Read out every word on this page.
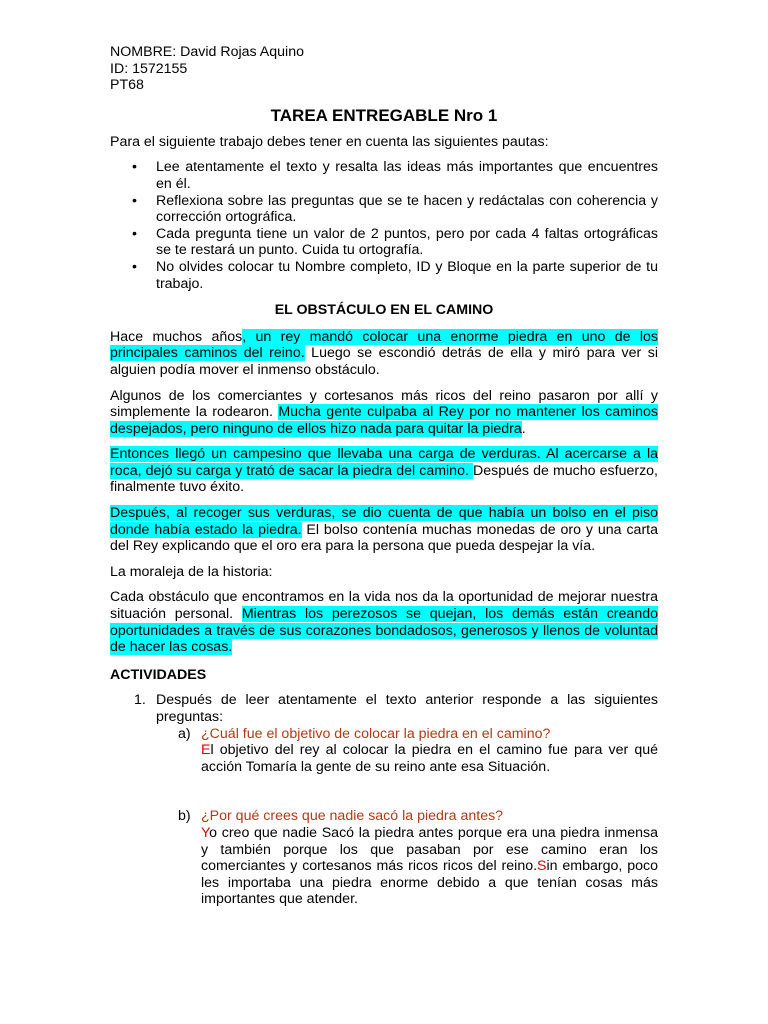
NOMBRE: David Rojas Aquino

ID: 1572155

PT68

TAREA ENTREGABLE Nro 1

Para el siguiente trabajo debes tener en cuenta las siguientes pautas:

• Lee atentamente el texto y resalta las ideas más importantes que encuentres en él.
• Reflexiona sobre las preguntas que se te hacen y redáctalas con coherencia y corrección ortográfica.
• Cada pregunta tiene un valor de 2 puntos, pero por cada 4 faltas ortográficas se te restará un punto. Cuida tu ortografía.
• No olvides colocar tu Nombre completo, ID y Bloque en la parte superior de tu trabajo.
EL OBSTÁCULO EN EL CAMINO

Hace muchos años, un rey mandó colocar una enorme piedra en uno de los principales caminos del reino. Luego se escondió detrás de ella y miró para ver si alguien podía mover el inmenso obstáculo.

Algunos de los comerciantes y cortesanos más ricos del reino pasaron por allí y simplemente la rodearon. Mucha gente culpaba al Rey por no mantener los caminos despejados, pero ninguno de ellos hizo nada para quitar la piedra.

Entonces llegó un campesino que llevaba una carga de verduras. Al acercarse a la roca, dejó su carga y trató de sacar la piedra del camino. Después de mucho esfuerzo, finalmente tuvo éxito.

Después, al recoger sus verduras, se dio cuenta de que había un bolso en el piso donde había estado la piedra. El bolso contenía muchas monedas de oro y una carta del Rey explicando que el oro era para la persona que pueda despejar la vía.

La moraleja de la historia:

Cada obstáculo que encontramos en la vida nos da la oportunidad de mejorar nuestra situación personal. Mientras los perezosos se quejan, los demás están creando oportunidades a través de sus corazones bondadosos, generosos y llenos de voluntad de hacer las cosas.

ACTIVIDADES
1. Después de leer atentamente el texto anterior responde a las siguientes preguntas:
a) ¿Cuál fue el objetivo de colocar la piedra en el camino?
El objetivo del rey al colocar la piedra en el camino fue para ver qué acción Tomaría la gente de su reino ante esa Situación.
b) ¿Por qué crees que nadie sacó la piedra antes?
Yo creo que nadie Sacó la piedra antes porque era una piedra inmensa y también porque los que pasaban por ese camino eran los comerciantes y cortesanos más ricos ricos del reino.Sin embargo, poco les importaba una piedra enorme debido a que tenían cosas más importantes que atender.
